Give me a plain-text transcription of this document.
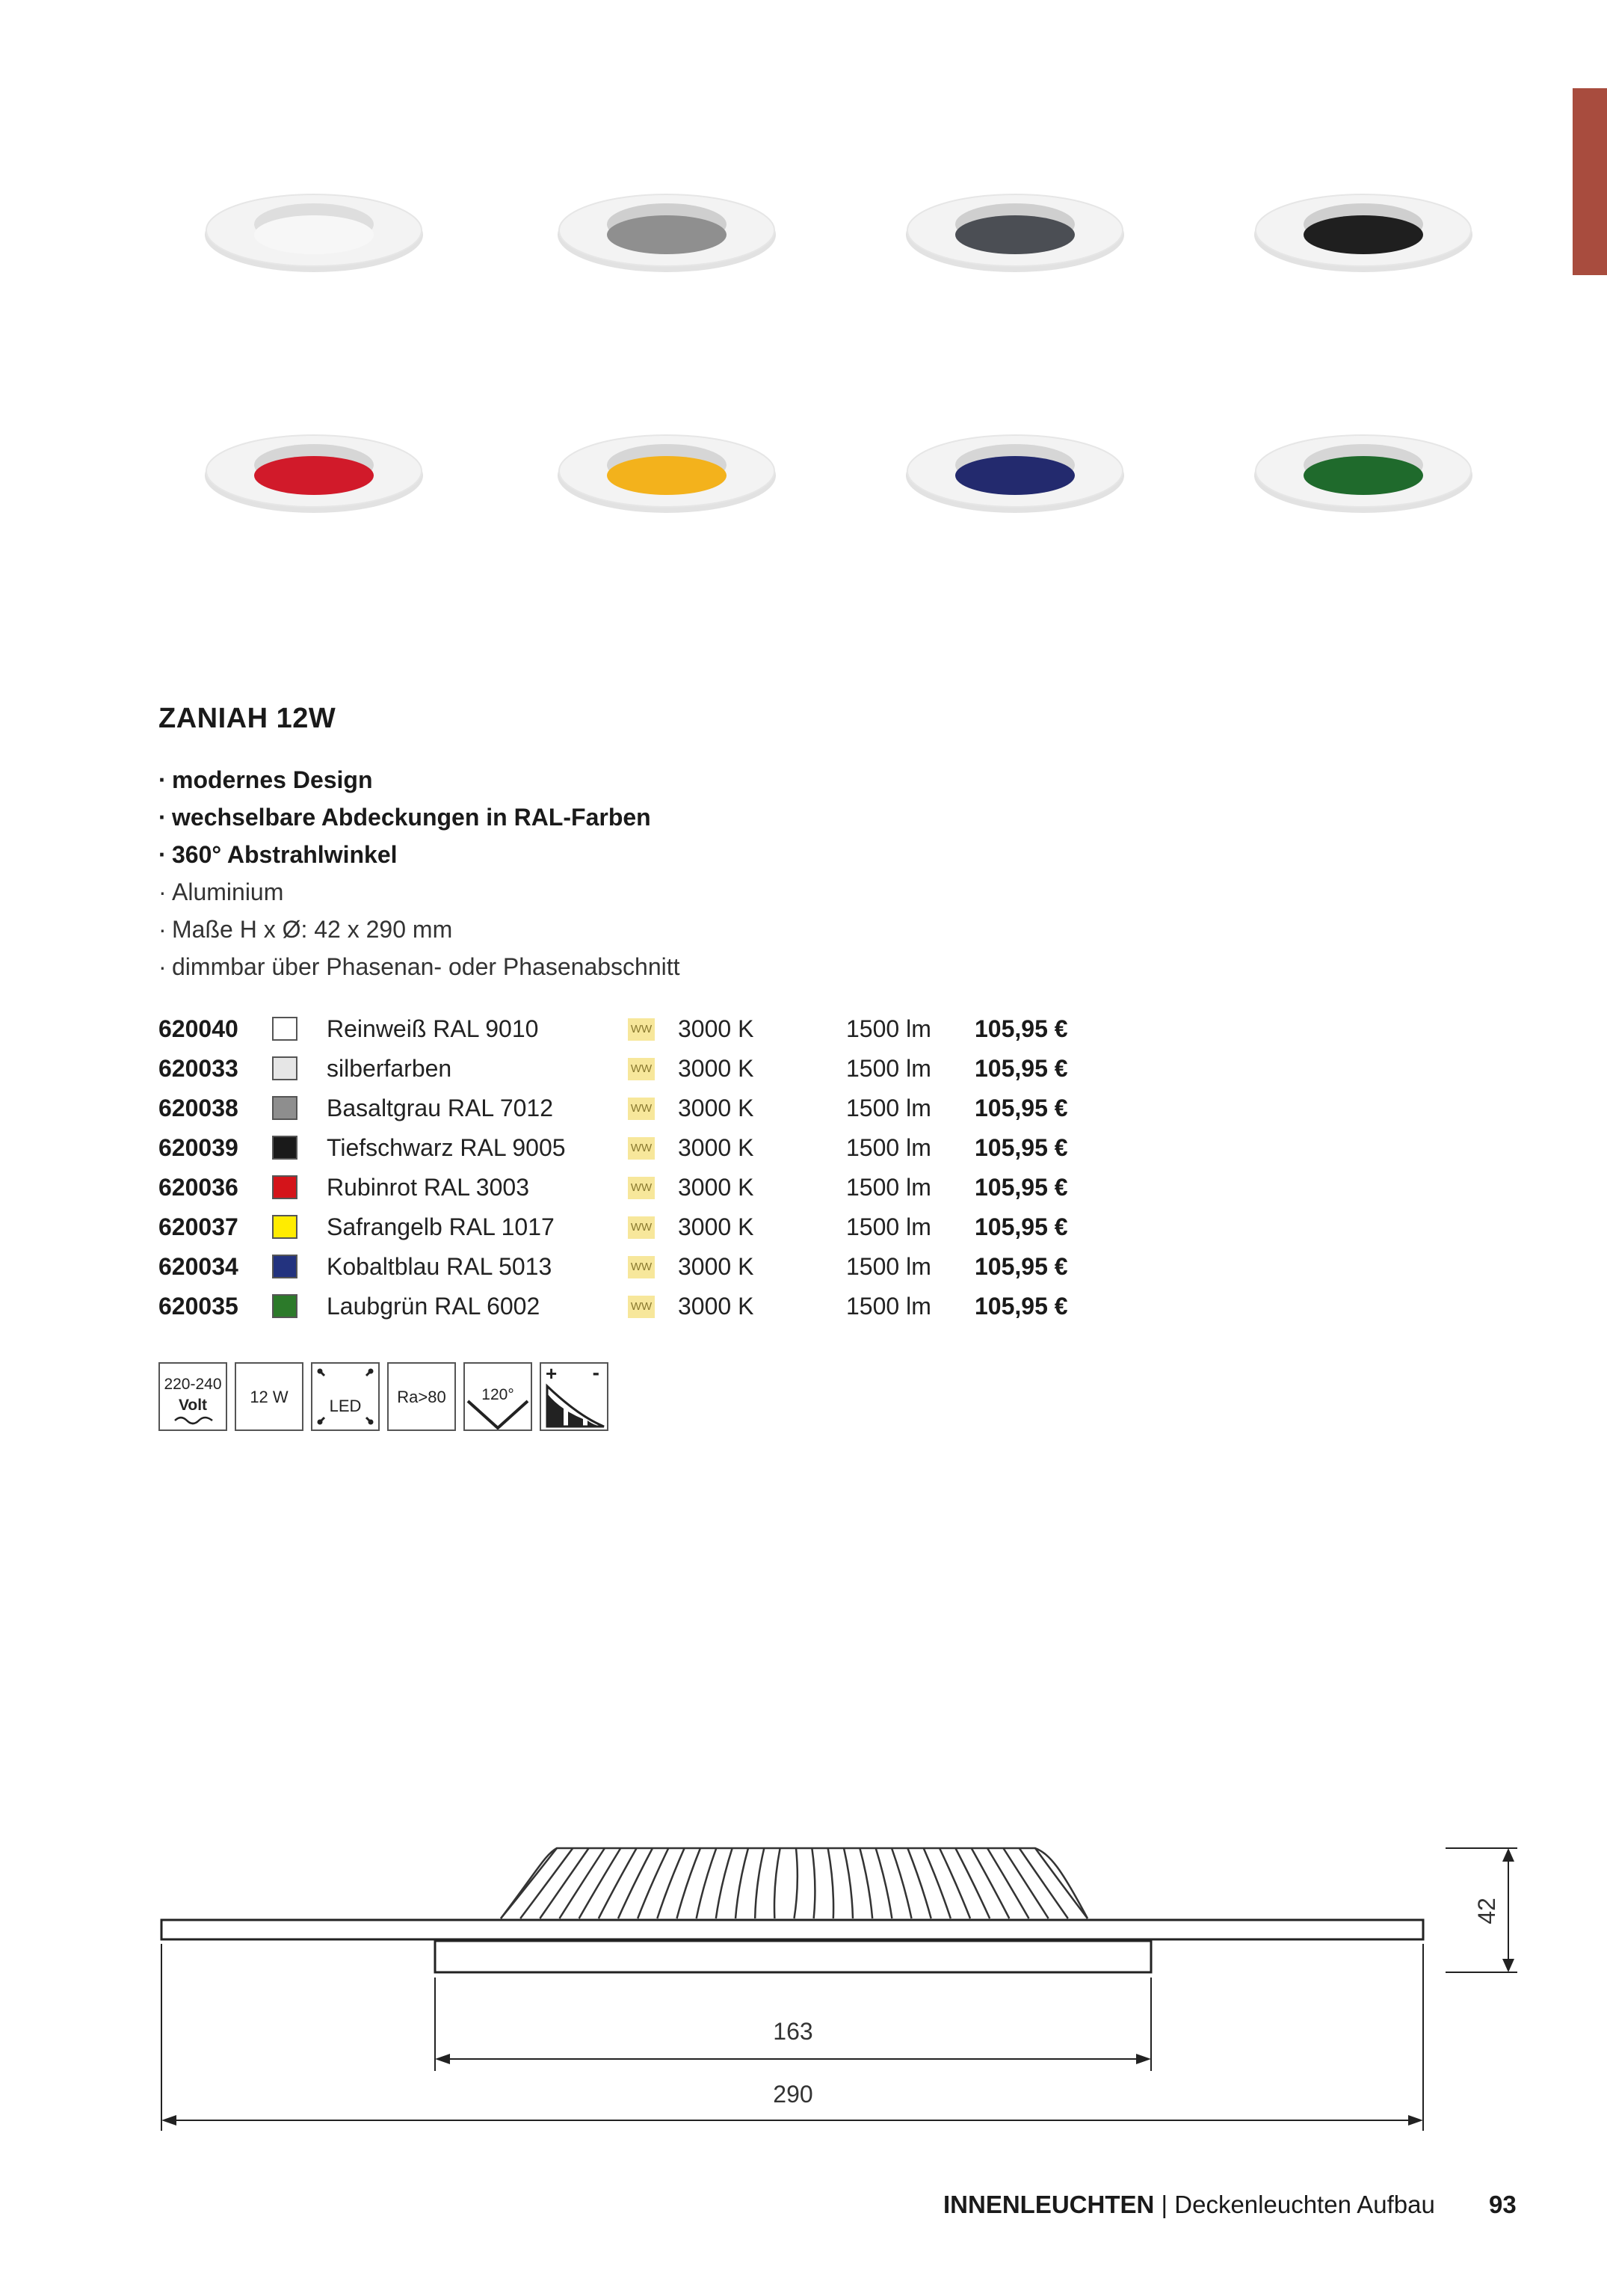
ZANIAH 12W
· modernes Design
· wechselbare Abdeckungen in RAL-Farben
· 360° Abstrahlwinkel
· Aluminium
· Maße H x Ø: 42 x 290 mm
· dimmbar über Phasenan- oder Phasenabschnitt
620040	Reinweiß RAL 9010	WW 3000 K	1500 lm 105,95 €
620033	silberfarben	WW 3000 K	1500 lm 105,95 €
620038	Basaltgrau RAL 7012	WW 3000 K	1500 lm 105,95 €
620039	Tiefschwarz RAL 9005	WW 3000 K	1500 lm 105,95 €
620036	Rubinrot RAL 3003	WW 3000 K	1500 lm 105,95 €
620037	Safrangelb RAL 1017	WW 3000 K	1500 lm 105,95 €
620034	Kobaltblau RAL 5013	WW 3000 K	1500 lm 105,95 €
620035	Laubgrün RAL 6002	WW 3000 K	1500 lm 105,95 €
220-240
Volt	12 W	LED	Ra>80	120°
+ -
42
163
290
INNENLEUCHTEN | Deckenleuchten Aufbau 93
